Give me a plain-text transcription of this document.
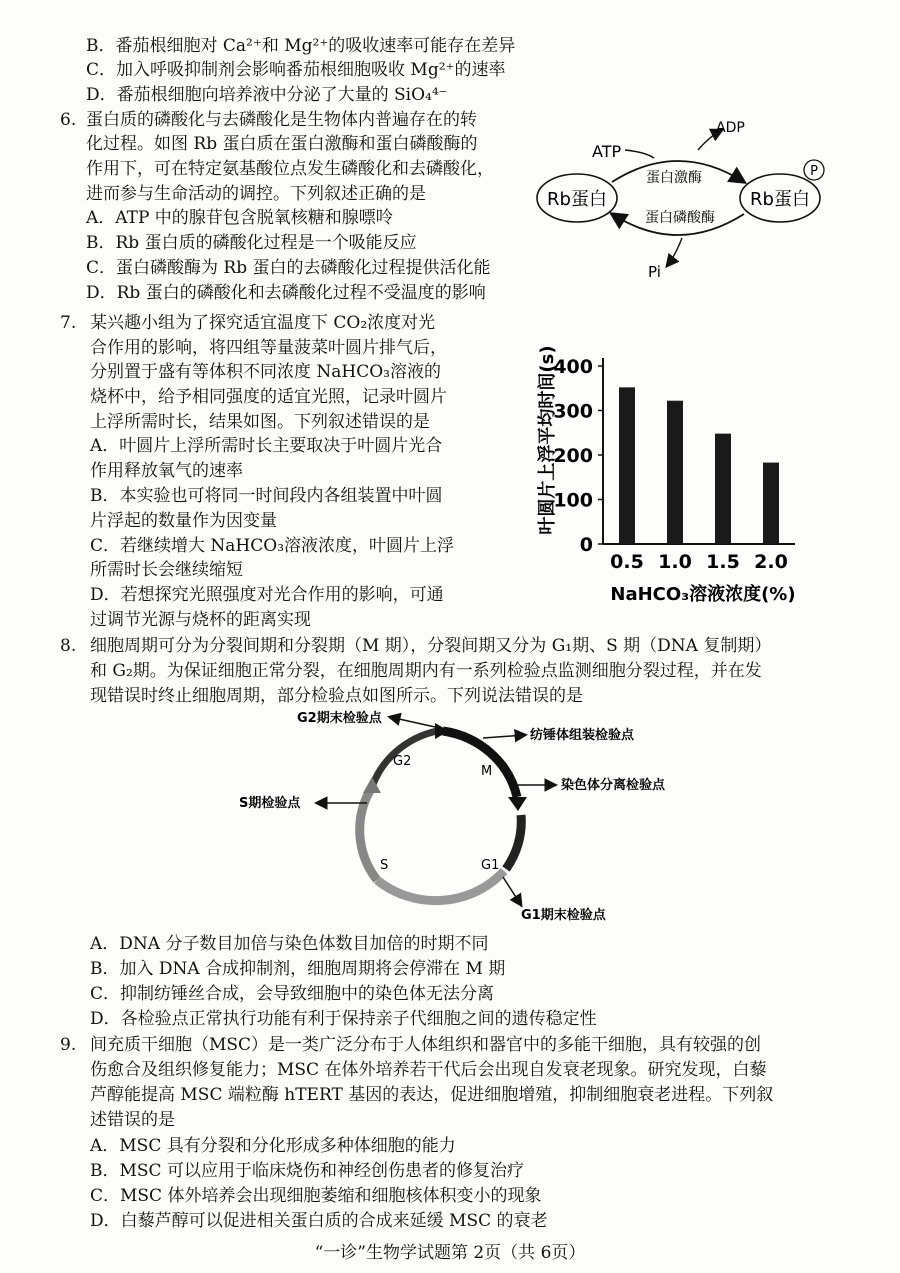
B．番茄根细胞对 Ca²⁺和 Mg²⁺的吸收速率可能存在差异
C．加入呼吸抑制剂会影响番茄根细胞吸收 Mg²⁺的速率
D．番茄根细胞向培养液中分泌了大量的 SiO₄⁴⁻
6. 蛋白质的磷酸化与去磷酸化是生物体内普遍存在的转
化过程。如图 Rb 蛋白质在蛋白激酶和蛋白磷酸酶的
作用下，可在特定氨基酸位点发生磷酸化和去磷酸化，
进而参与生命活动的调控。下列叙述正确的是
A．ATP 中的腺苷包含脱氧核糖和腺嘌呤
B．Rb 蛋白质的磷酸化过程是一个吸能反应
C．蛋白磷酸酶为 Rb 蛋白的去磷酸化过程提供活化能
D．Rb 蛋白的磷酸化和去磷酸化过程不受温度的影响
Rb蛋白	Rb蛋白
P
ATP
ADP
Pi
蛋白激酶
蛋白磷酸酶
7. 某兴趣小组为了探究适宜温度下 CO₂浓度对光
合作用的影响，将四组等量菠菜叶圆片排气后，
分别置于盛有等体积不同浓度 NaHCO₃溶液的
烧杯中，给予相同强度的适宜光照，记录叶圆片
上浮所需时长，结果如图。下列叙述错误的是
A．叶圆片上浮所需时长主要取决于叶圆片光合
作用释放氧气的速率
B．本实验也可将同一时间段内各组装置中叶圆
片浮起的数量作为因变量
C．若继续增大 NaHCO₃溶液浓度，叶圆片上浮
所需时长会继续缩短
D．若想探究光照强度对光合作用的影响，可通
过调节光源与烧杯的距离实现
叶圆片上浮平均时间(s)
NaHCO₃溶液浓度(%)
0
100
200
300
400
0.5 1.0 1.5 2.0
8. 细胞周期可分为分裂间期和分裂期（M 期），分裂间期又分为 G₁期、S 期（DNA 复制期）
和 G₂期。为保证细胞正常分裂，在细胞周期内有一系列检验点监测细胞分裂过程，并在发
现错误时终止细胞周期，部分检验点如图所示。下列说法错误的是
G2期末检验点
纺锤体组装检验点
染色体分离检验点
S期检验点
G1期末检验点
G2
M
S	G1
A．DNA 分子数目加倍与染色体数目加倍的时期不同
B．加入 DNA 合成抑制剂，细胞周期将会停滞在 M 期
C．抑制纺锤丝合成，会导致细胞中的染色体无法分离
D．各检验点正常执行功能有利于保持亲子代细胞之间的遗传稳定性
9. 间充质干细胞（MSC）是一类广泛分布于人体组织和器官中的多能干细胞，具有较强的创
伤愈合及组织修复能力；MSC 在体外培养若干代后会出现自发衰老现象。研究发现，白藜
芦醇能提高 MSC 端粒酶 hTERT 基因的表达，促进细胞增殖，抑制细胞衰老进程。下列叙
述错误的是
A．MSC 具有分裂和分化形成多种体细胞的能力
B．MSC 可以应用于临床烧伤和神经创伤患者的修复治疗
C．MSC 体外培养会出现细胞萎缩和细胞核体积变小的现象
D．白藜芦醇可以促进相关蛋白质的合成来延缓 MSC 的衰老
“一诊”生物学试题第 2页（共 6页）
